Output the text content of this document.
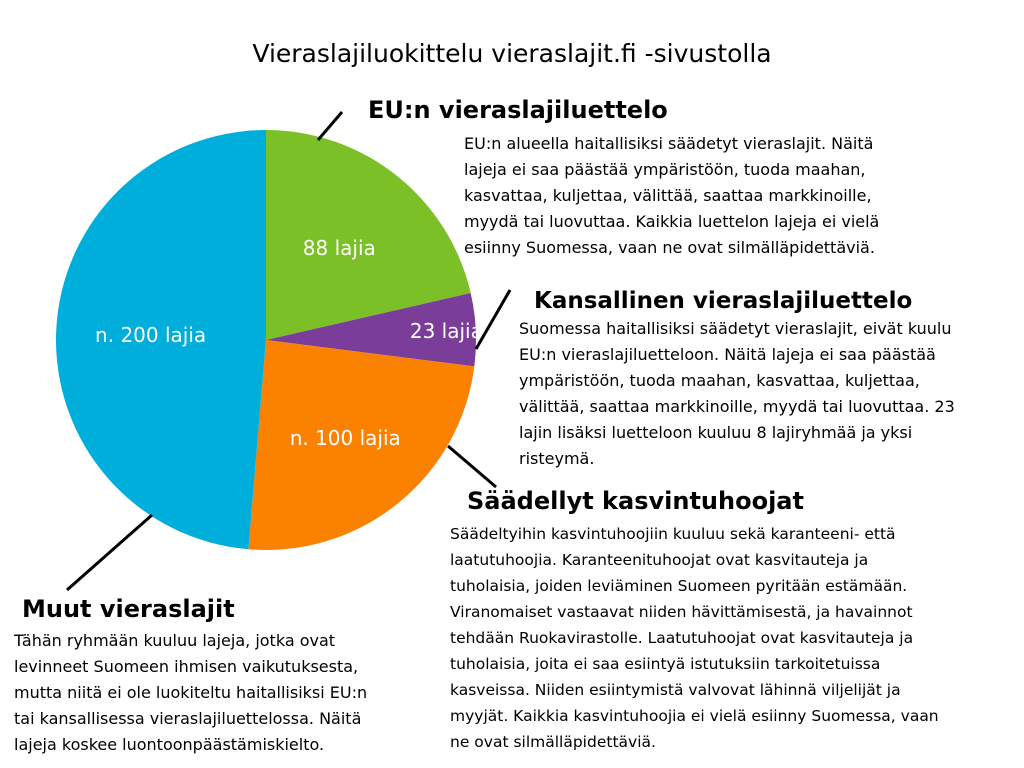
Vieraslajiluokittelu vieraslajit.fi -sivustolla
88 lajia
23 lajia
n. 100 lajia
n. 200 lajia
EU:n vieraslajiluettelo
EU:n alueella haitallisiksi säädetyt vieraslajit. Näitä
lajeja ei saa päästää ympäristöön, tuoda maahan,
kasvattaa, kuljettaa, välittää, saattaa markkinoille,
myydä tai luovuttaa. Kaikkia luettelon lajeja ei vielä
esiinny Suomessa, vaan ne ovat silmälläpidettäviä.
Kansallinen vieraslajiluettelo
Suomessa haitallisiksi säädetyt vieraslajit, eivät kuulu
EU:n vieraslajiluetteloon. Näitä lajeja ei saa päästää
ympäristöön, tuoda maahan, kasvattaa, kuljettaa,
välittää, saattaa markkinoille, myydä tai luovuttaa. 23
lajin lisäksi luetteloon kuuluu 8 lajiryhmää ja yksi
risteymä.
Säädellyt kasvintuhoojat
Säädeltyihin kasvintuhoojiin kuuluu sekä karanteeni- että
laatutuhoojia. Karanteenituhoojat ovat kasvitauteja ja
tuholaisia, joiden leviäminen Suomeen pyritään estämään.
Viranomaiset vastaavat niiden hävittämisestä, ja havainnot
tehdään Ruokavirastolle. Laatutuhoojat ovat kasvitauteja ja
tuholaisia, joita ei saa esiintyä istutuksiin tarkoitetuissa
kasveissa. Niiden esiintymistä valvovat lähinnä viljelijät ja
myyjät. Kaikkia kasvintuhoojia ei vielä esiinny Suomessa, vaan
ne ovat silmälläpidettäviä.
Muut vieraslajit
Tähän ryhmään kuuluu lajeja, jotka ovat
levinneet Suomeen ihmisen vaikutuksesta,
mutta niitä ei ole luokiteltu haitallisiksi EU:n
tai kansallisessa vieraslajiluettelossa. Näitä
lajeja koskee luontoonpäästämiskielto.
